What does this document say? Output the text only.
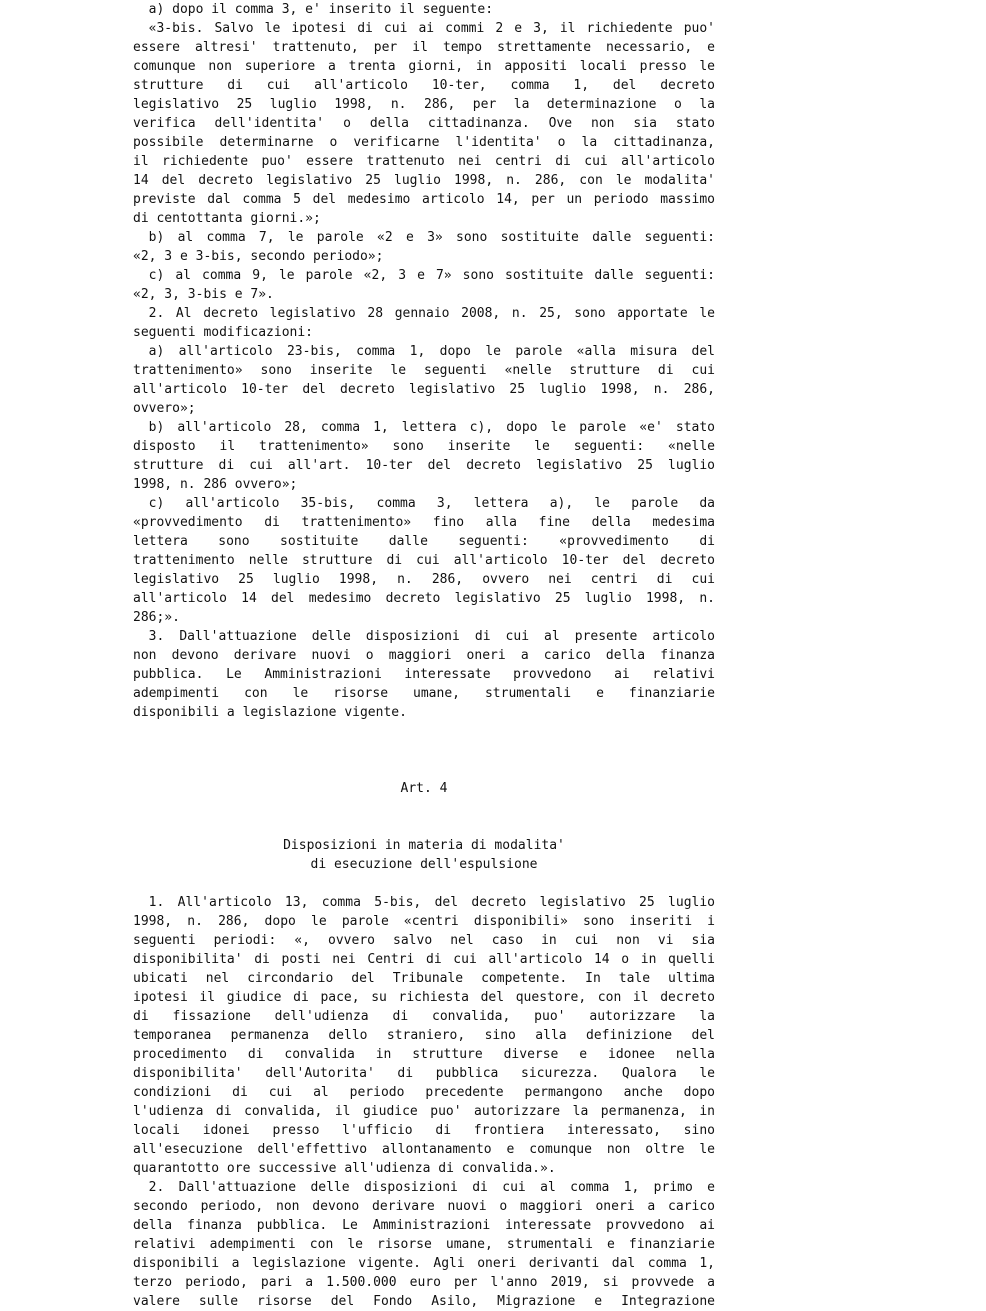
a) dopo il comma 3, e' inserito il seguente:
«3-bis. Salvo le ipotesi di cui ai commi 2 e 3, il richiedente puo'
essere altresi' trattenuto, per il tempo strettamente necessario, e
comunque non superiore a trenta giorni, in appositi locali presso le
strutture di cui all'articolo 10-ter, comma 1, del decreto
legislativo 25 luglio 1998, n. 286, per la determinazione o la
verifica dell'identita' o della cittadinanza. Ove non sia stato
possibile determinarne o verificarne l'identita' o la cittadinanza,
il richiedente puo' essere trattenuto nei centri di cui all'articolo
14 del decreto legislativo 25 luglio 1998, n. 286, con le modalita'
previste dal comma 5 del medesimo articolo 14, per un periodo massimo
di centottanta giorni.»;
b) al comma 7, le parole «2 e 3» sono sostituite dalle seguenti:
«2, 3 e 3-bis, secondo periodo»;
c) al comma 9, le parole «2, 3 e 7» sono sostituite dalle seguenti:
«2, 3, 3-bis e 7».
2. Al decreto legislativo 28 gennaio 2008, n. 25, sono apportate le
seguenti modificazioni:
a) all'articolo 23-bis, comma 1, dopo le parole «alla misura del
trattenimento» sono inserite le seguenti «nelle strutture di cui
all'articolo 10-ter del decreto legislativo 25 luglio 1998, n. 286,
ovvero»;
b) all'articolo 28, comma 1, lettera c), dopo le parole «e' stato
disposto il trattenimento» sono inserite le seguenti: «nelle
strutture di cui all'art. 10-ter del decreto legislativo 25 luglio
1998, n. 286 ovvero»;
c) all'articolo 35-bis, comma 3, lettera a), le parole da
«provvedimento di trattenimento» fino alla fine della medesima
lettera sono sostituite dalle seguenti: «provvedimento di
trattenimento nelle strutture di cui all'articolo 10-ter del decreto
legislativo 25 luglio 1998, n. 286, ovvero nei centri di cui
all'articolo 14 del medesimo decreto legislativo 25 luglio 1998, n.
286;».
3. Dall'attuazione delle disposizioni di cui al presente articolo
non devono derivare nuovi o maggiori oneri a carico della finanza
pubblica. Le Amministrazioni interessate provvedono ai relativi
adempimenti con le risorse umane, strumentali e finanziarie
disponibili a legislazione vigente.
Art. 4
Disposizioni in materia di modalita'
di esecuzione dell'espulsione
1. All'articolo 13, comma 5-bis, del decreto legislativo 25 luglio
1998, n. 286, dopo le parole «centri disponibili» sono inseriti i
seguenti periodi: «, ovvero salvo nel caso in cui non vi sia
disponibilita' di posti nei Centri di cui all'articolo 14 o in quelli
ubicati nel circondario del Tribunale competente. In tale ultima
ipotesi il giudice di pace, su richiesta del questore, con il decreto
di fissazione dell'udienza di convalida, puo' autorizzare la
temporanea permanenza dello straniero, sino alla definizione del
procedimento di convalida in strutture diverse e idonee nella
disponibilita' dell'Autorita' di pubblica sicurezza. Qualora le
condizioni di cui al periodo precedente permangono anche dopo
l'udienza di convalida, il giudice puo' autorizzare la permanenza, in
locali idonei presso l'ufficio di frontiera interessato, sino
all'esecuzione dell'effettivo allontanamento e comunque non oltre le
quarantotto ore successive all'udienza di convalida.».
2. Dall'attuazione delle disposizioni di cui al comma 1, primo e
secondo periodo, non devono derivare nuovi o maggiori oneri a carico
della finanza pubblica. Le Amministrazioni interessate provvedono ai
relativi adempimenti con le risorse umane, strumentali e finanziarie
disponibili a legislazione vigente. Agli oneri derivanti dal comma 1,
terzo periodo, pari a 1.500.000 euro per l'anno 2019, si provvede a
valere sulle risorse del Fondo Asilo, Migrazione e Integrazione
